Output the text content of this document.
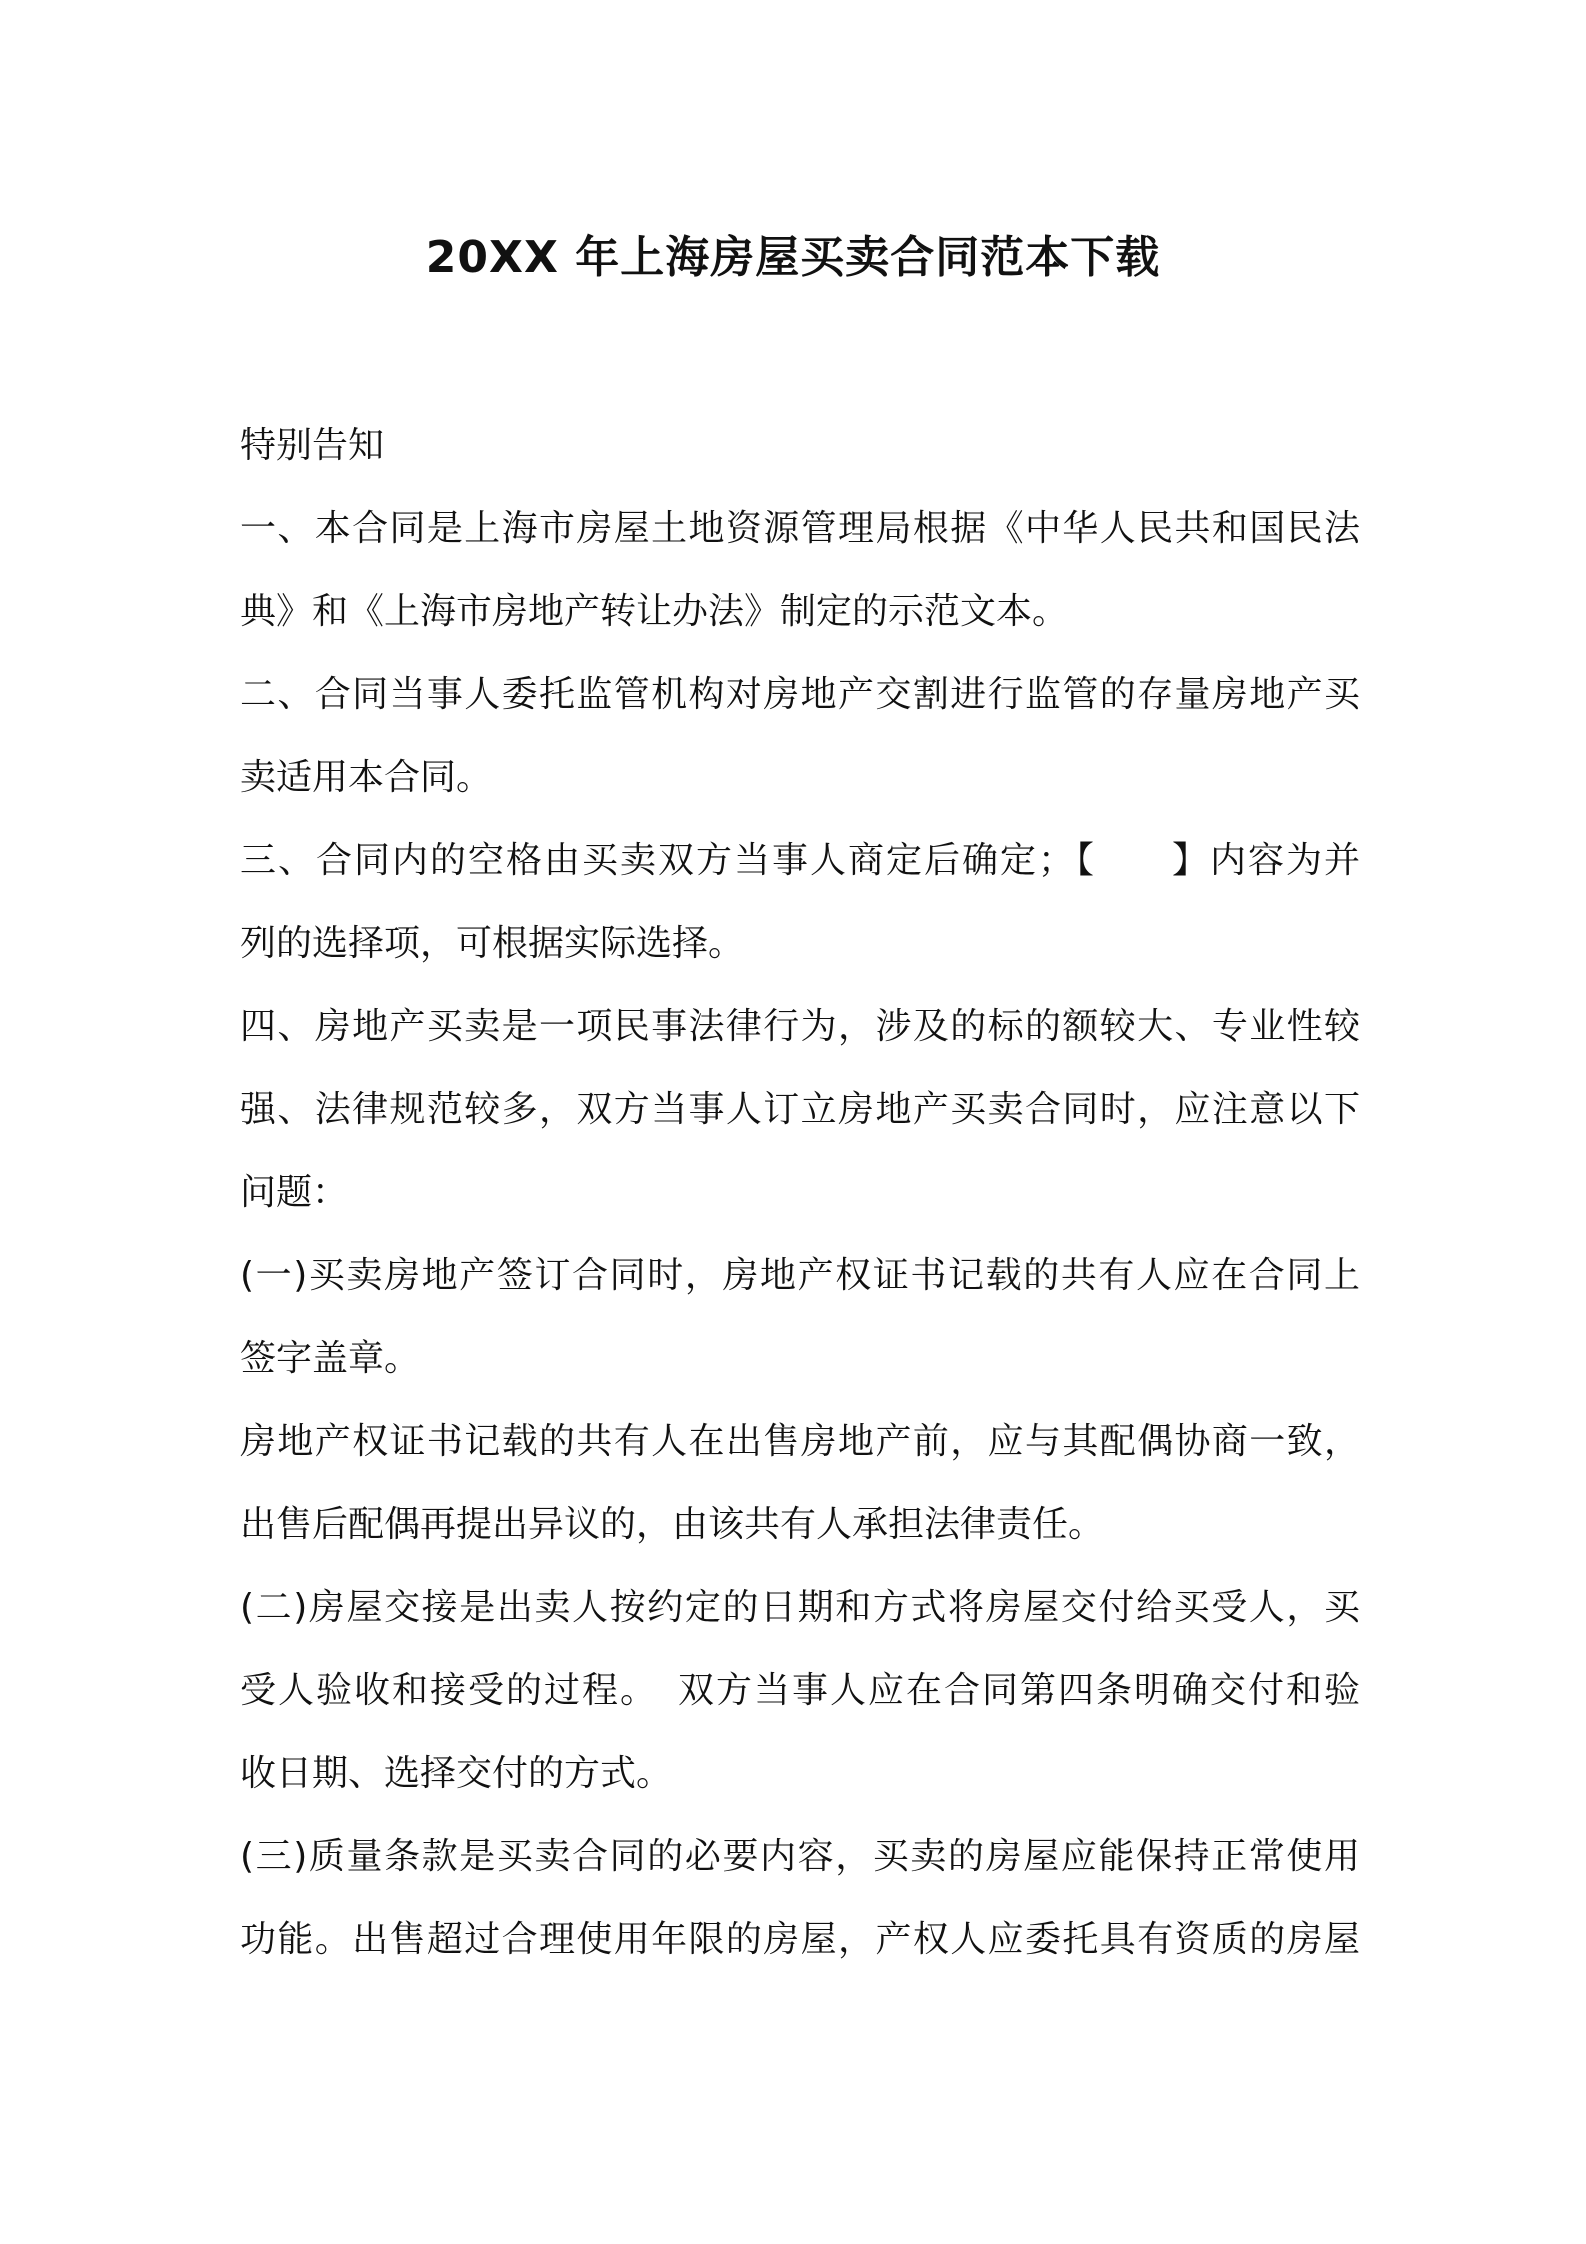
20XX 年上海房屋买卖合同范本下载
特别告知
一、本合同是上海市房屋土地资源管理局根据《中华人民共和国民法
典》和《上海市房地产转让办法》制定的示范文本。
二、合同当事人委托监管机构对房地产交割进行监管的存量房地产买
卖适用本合同。
三、合同内的空格由买卖双方当事人商定后确定；【　　】内容为并
列的选择项，可根据实际选择。
四、房地产买卖是一项民事法律行为，涉及的标的额较大、专业性较
强、法律规范较多，双方当事人订立房地产买卖合同时，应注意以下
问题：
(一)买卖房地产签订合同时，房地产权证书记载的共有人应在合同上
签字盖章。
房地产权证书记载的共有人在出售房地产前，应与其配偶协商一致，
出售后配偶再提出异议的，由该共有人承担法律责任。
(二)房屋交接是出卖人按约定的日期和方式将房屋交付给买受人，买
受人验收和接受的过程。　双方当事人应在合同第四条明确交付和验
收日期、选择交付的方式。
(三)质量条款是买卖合同的必要内容，买卖的房屋应能保持正常使用
功能。出售超过合理使用年限的房屋，产权人应委托具有资质的房屋
